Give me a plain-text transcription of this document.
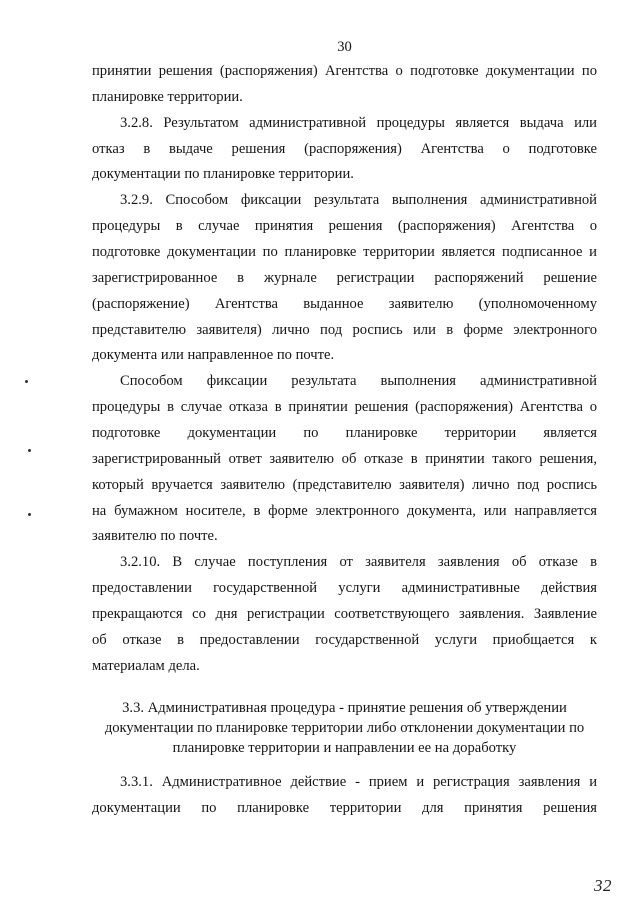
30
принятии решения (распоряжения) Агентства о подготовке документации по
планировке территории.
3.2.8. Результатом административной процедуры является выдача или
отказ в выдаче решения (распоряжения) Агентства о подготовке
документации по планировке территории.
3.2.9. Способом фиксации результата выполнения административной
процедуры в случае принятия решения (распоряжения) Агентства о
подготовке документации по планировке территории является подписанное и
зарегистрированное в журнале регистрации распоряжений решение
(распоряжение) Агентства выданное заявителю (уполномоченному
представителю заявителя) лично под роспись или в форме электронного
документа или направленное по почте.
Способом фиксации результата выполнения административной
процедуры в случае отказа в принятии решения (распоряжения) Агентства о
подготовке документации по планировке территории является
зарегистрированный ответ заявителю об отказе в принятии такого решения,
который вручается заявителю (представителю заявителя) лично под роспись
на бумажном носителе, в форме электронного документа, или направляется
заявителю по почте.
3.2.10. В случае поступления от заявителя заявления об отказе в
предоставлении государственной услуги административные действия
прекращаются со дня регистрации соответствующего заявления. Заявление
об отказе в предоставлении государственной услуги приобщается к
материалам дела.
3.3. Административная процедура - принятие решения об утверждении
документации по планировке территории либо отклонении документации по
планировке территории и направлении ее на доработку
3.3.1. Административное действие - прием и регистрация заявления и
документации по планировке территории для принятия решения
32
